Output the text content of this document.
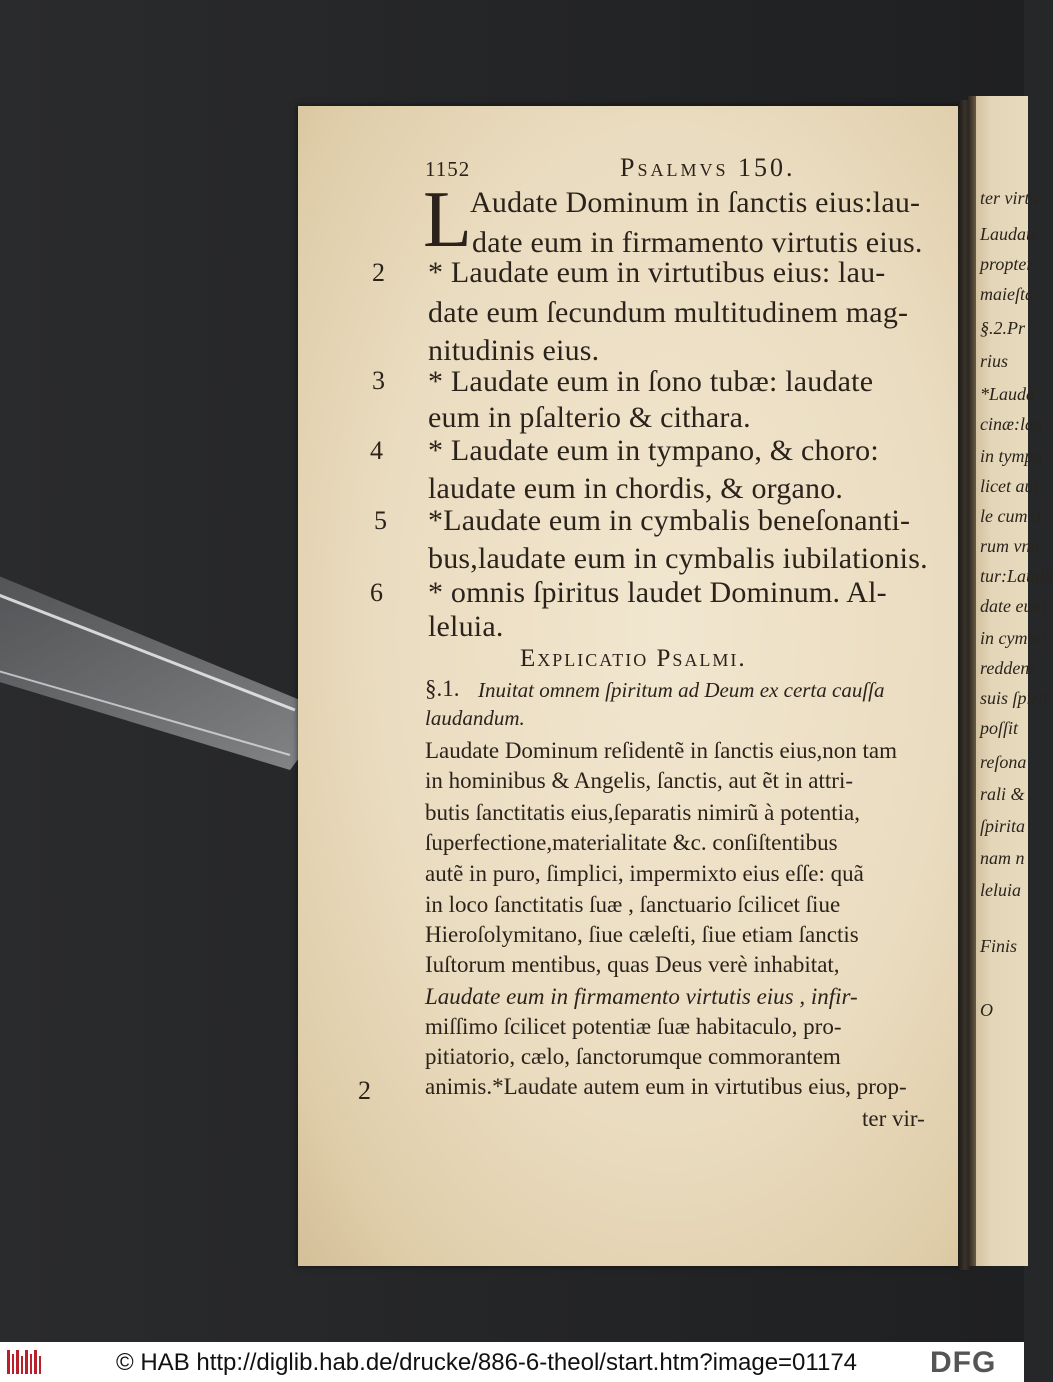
ter virtu
Laudate
propter
maieſta
§.2.Pr
rius
*Lauda
cinæ:lau
in tympa
licet aut
le cum d
rum vna
tur:Lauda
date eum
in cymba
reddent
suis ſpirit
poſſit
reſona
rali &
ſpirita
nam n
leluia
Finis
O
1152	Psalmvs 150.
L
Audate Dominum in ſanctis eius:lau-
date eum in firmamento virtutis eius.
* Laudate eum in virtutibus eius: lau-
date eum ſecundum multitudinem mag-
nitudinis eius.
* Laudate eum in ſono tubæ: laudate
eum in pſalterio & cithara.
* Laudate eum in tympano, & choro:
laudate eum in chordis, & organo.
*Laudate eum in cymbalis beneſonanti-
bus,laudate eum in cymbalis iubilationis.
* omnis ſpiritus laudet Dominum. Al-
leluia.
2
3
4
5
6
Explicatio Psalmi.
§.1. Inuitat omnem ſpiritum ad Deum ex certa cauſſa
laudandum.
Laudate Dominum reſidentẽ in ſanctis eius,non tam
in hominibus & Angelis, ſanctis, aut ẽt in attri-
butis ſanctitatis eius,ſeparatis nimirũ à potentia,
ſuperfectione,materialitate &c. conſiſtentibus
autẽ in puro, ſimplici, impermixto eius eſſe: quã
in loco ſanctitatis ſuæ , ſanctuario ſcilicet ſiue
Hieroſolymitano, ſiue cæleſti, ſiue etiam ſanctis
Iuſtorum mentibus, quas Deus verè inhabitat,
Laudate eum in firmamento virtutis eius , infir-
miſſimo ſcilicet potentiæ ſuæ habitaculo, pro-
pitiatorio, cælo, ſanctorumque commorantem
animis.*Laudate autem eum in virtutibus eius, prop-
ter vir-
2
© HAB http://diglib.hab.de/drucke/886-6-theol/start.htm?image=01174 DFG
